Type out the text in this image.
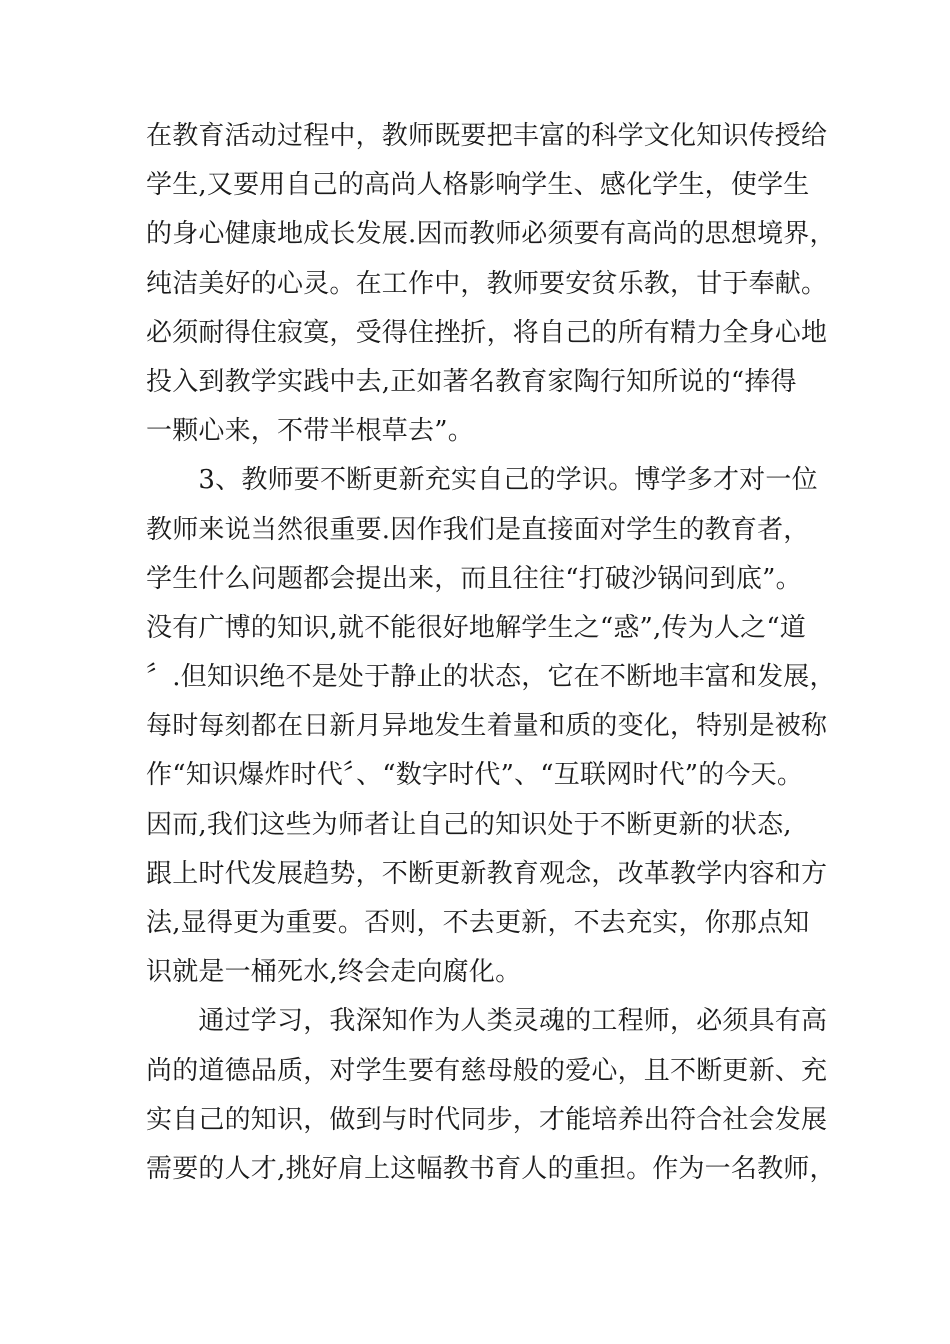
在教育活动过程中，教师既要把丰富的科学文化知识传授给
学生,又要用自己的高尚人格影响学生、感化学生，使学生
的身心健康地成长发展.因而教师必须要有高尚的思想境界，
纯洁美好的心灵。在工作中，教师要安贫乐教，甘于奉献。
必须耐得住寂寞，受得住挫折，将自己的所有精力全身心地
投入到教学实践中去,正如著名教育家陶行知所说的“捧得
一颗心来，不带半根草去”。
　　3、教师要不断更新充实自己的学识。博学多才对一位
教师来说当然很重要.因作我们是直接面对学生的教育者，
学生什么问题都会提出来，而且往往“打破沙锅问到底”。
没有广博的知识,就不能很好地解学生之“惑”,传为人之“道
〞.但知识绝不是处于静止的状态，它在不断地丰富和发展，
每时每刻都在日新月异地发生着量和质的变化，特别是被称
作“知识爆炸时代〞、“数字时代”、“互联网时代”的今天。
因而,我们这些为师者让自己的知识处于不断更新的状态,
跟上时代发展趋势，不断更新教育观念，改革教学内容和方
法,显得更为重要。否则，不去更新，不去充实，你那点知
识就是一桶死水,终会走向腐化。
　　通过学习，我深知作为人类灵魂的工程师，必须具有高
尚的道德品质，对学生要有慈母般的爱心，且不断更新、充
实自己的知识，做到与时代同步，才能培养出符合社会发展
需要的人才,挑好肩上这幅教书育人的重担。作为一名教师，
